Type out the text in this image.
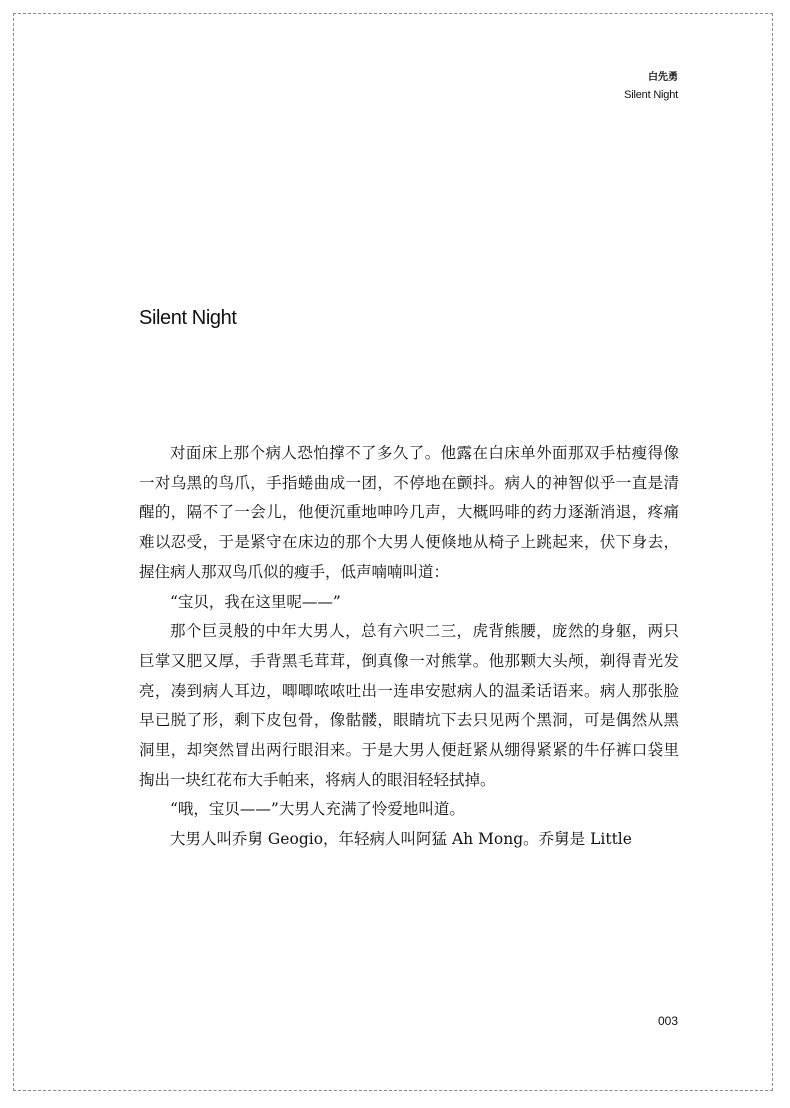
白先勇
Silent Night
Silent Night

对面床上那个病人恐怕撑不了多久了。他露在白床单外面那双手枯瘦得像一对乌黑的鸟爪，手指蜷曲成一团，不停地在颤抖。病人的神智似乎一直是清醒的，隔不了一会儿，他便沉重地呻吟几声，大概吗啡的药力逐渐消退，疼痛难以忍受，于是紧守在床边的那个大男人便倏地从椅子上跳起来，伏下身去，握住病人那双鸟爪似的瘦手，低声喃喃叫道：

“宝贝，我在这里呢——”

那个巨灵般的中年大男人，总有六呎二三，虎背熊腰，庞然的身躯，两只巨掌又肥又厚，手背黑毛茸茸，倒真像一对熊掌。他那颗大头颅，剃得青光发亮，凑到病人耳边，唧唧哝哝吐出一连串安慰病人的温柔话语来。病人那张脸早已脱了形，剩下皮包骨，像骷髅，眼睛坑下去只见两个黑洞，可是偶然从黑洞里，却突然冒出两行眼泪来。于是大男人便赶紧从绷得紧紧的牛仔裤口袋里掏出一块红花布大手帕来，将病人的眼泪轻轻拭掉。

“哦，宝贝——”大男人充满了怜爱地叫道。

大男人叫乔舅 Geogio，年轻病人叫阿猛 Ah Mong。乔舅是 Little

003
